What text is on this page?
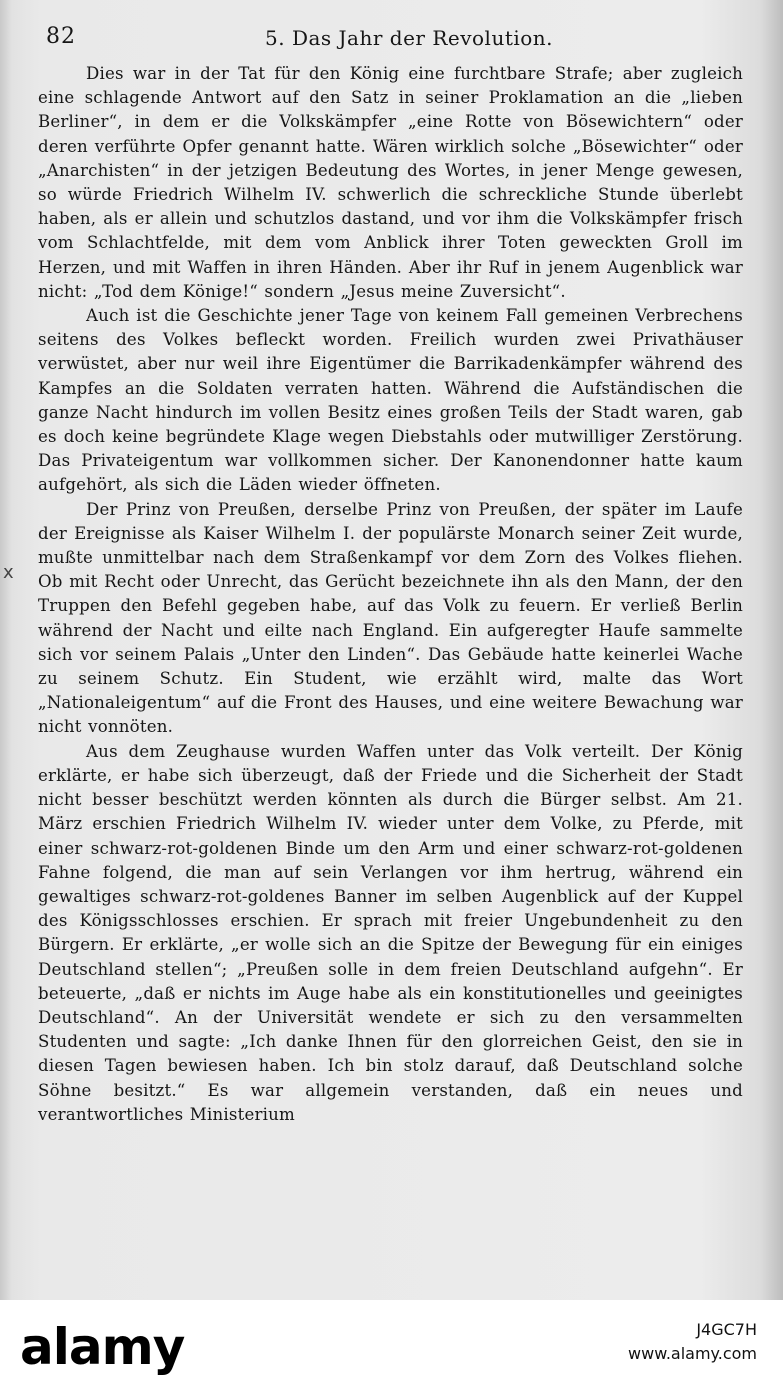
82	5. Das Jahr der Revolution.

Dies war in der Tat für den König eine furchtbare Strafe; aber zugleich eine schlagende Antwort auf den Satz in seiner Proklamation an die „lieben Berliner“, in dem er die Volkskämpfer „eine Rotte von Bösewichtern“ oder deren verführte Opfer genannt hatte. Wären wirklich solche „Bösewichter“ oder „Anarchisten“ in der jetzigen Bedeutung des Wortes, in jener Menge gewesen, so würde Friedrich Wilhelm IV. schwerlich die schreckliche Stunde überlebt haben, als er allein und schutzlos dastand, und vor ihm die Volkskämpfer frisch vom Schlachtfelde, mit dem vom Anblick ihrer Toten geweckten Groll im Herzen, und mit Waffen in ihren Händen. Aber ihr Ruf in jenem Augenblick war nicht: „Tod dem Könige!“ sondern „Jesus meine Zuversicht“.

Auch ist die Geschichte jener Tage von keinem Fall gemeinen Verbrechens seitens des Volkes befleckt worden. Freilich wurden zwei Privathäuser verwüstet, aber nur weil ihre Eigentümer die Barrikadenkämpfer während des Kampfes an die Soldaten verraten hatten. Während die Aufständischen die ganze Nacht hindurch im vollen Besitz eines großen Teils der Stadt waren, gab es doch keine begründete Klage wegen Diebstahls oder mutwilliger Zerstörung. Das Privateigentum war vollkommen sicher. Der Kanonendonner hatte kaum aufgehört, als sich die Läden wieder öffneten.

Der Prinz von Preußen, derselbe Prinz von Preußen, der später im Laufe der Ereignisse als Kaiser Wilhelm I. der populärste Monarch seiner Zeit wurde, mußte unmittelbar nach dem Straßenkampf vor dem Zorn des Volkes fliehen. Ob mit Recht oder Unrecht, das Gerücht bezeichnete ihn als den Mann, der den Truppen den Befehl gegeben habe, auf das Volk zu feuern. Er verließ Berlin während der Nacht und eilte nach England. Ein aufgeregter Haufe sammelte sich vor seinem Palais „Unter den Linden“. Das Gebäude hatte keinerlei Wache zu seinem Schutz. Ein Student, wie erzählt wird, malte das Wort „Nationaleigentum“ auf die Front des Hauses, und eine weitere Bewachung war nicht vonnöten.

Aus dem Zeughause wurden Waffen unter das Volk verteilt. Der König erklärte, er habe sich überzeugt, daß der Friede und die Sicherheit der Stadt nicht besser beschützt werden könnten als durch die Bürger selbst. Am 21. März erschien Friedrich Wilhelm IV. wieder unter dem Volke, zu Pferde, mit einer schwarz-rot-goldenen Binde um den Arm und einer schwarz-rot-goldenen Fahne folgend, die man auf sein Verlangen vor ihm hertrug, während ein gewaltiges schwarz-rot-goldenes Banner im selben Augenblick auf der Kuppel des Königsschlosses erschien. Er sprach mit freier Ungebundenheit zu den Bürgern. Er erklärte, „er wolle sich an die Spitze der Bewegung für ein einiges Deutschland stellen“; „Preußen solle in dem freien Deutschland aufgehn“. Er beteuerte, „daß er nichts im Auge habe als ein konstitutionelles und geeinigtes Deutschland“. An der Universität wendete er sich zu den versammelten Studenten und sagte: „Ich danke Ihnen für den glorreichen Geist, den sie in diesen Tagen bewiesen haben. Ich bin stolz darauf, daß Deutschland solche Söhne besitzt.“ Es war allgemein verstanden, daß ein neues und verantwortliches Ministerium

x
alamy	J4GC7H
www.alamy.com
